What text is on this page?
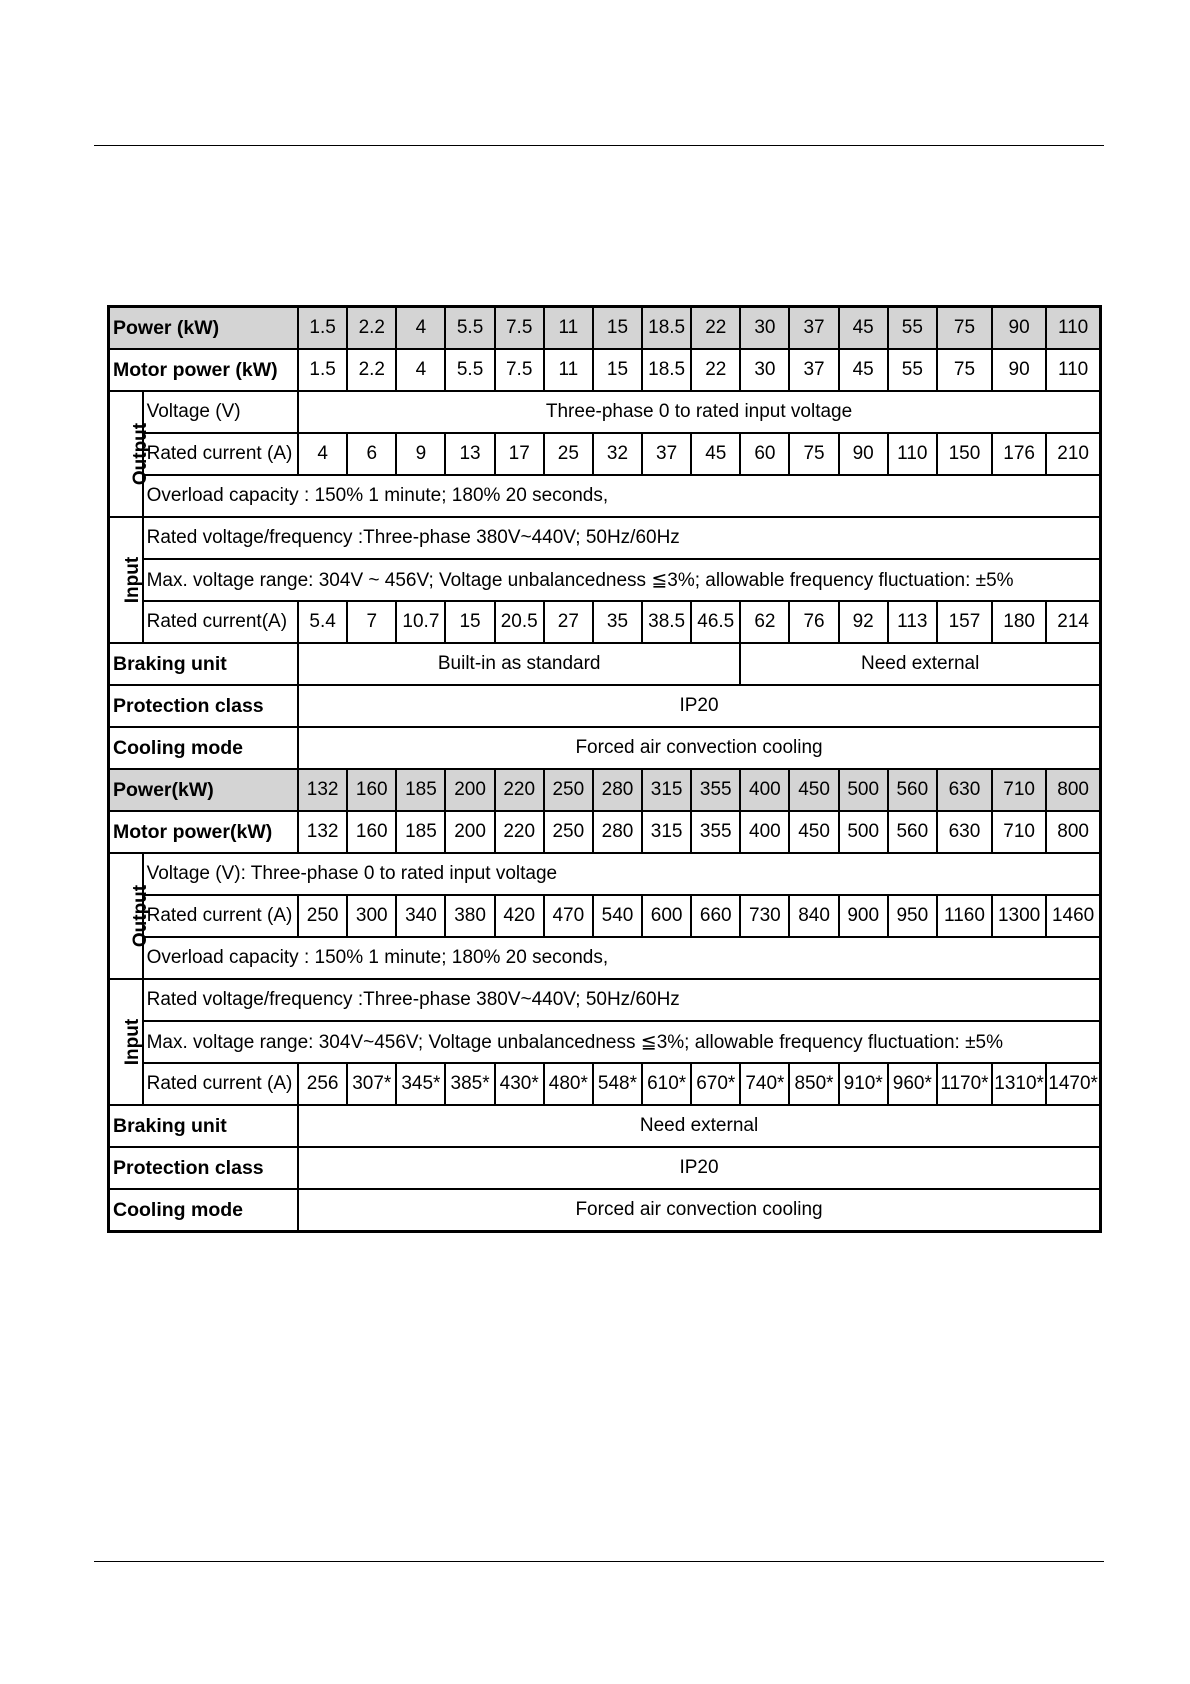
Power (kW)		1.5	2.2	4	5.5	7.5	11	15	18.5	22	30	37	45	55	75	90	110
Motor power (kW)		1.5	2.2	4	5.5	7.5	11	15	18.5	22	30	37	45	55	75	90	110
Output	Voltage (V)	Three-phase 0 to rated input voltage															
	Rated current (A)	4	6	9	13	17	25	32	37	45	60	75	90	110	150	176	210
	Overload capacity : 150% 1 minute; 180% 20 seconds,																
Input	Rated voltage/frequency :Three-phase 380V~440V; 50Hz/60Hz																
	Max. voltage range: 304V ~ 456V; Voltage unbalancedness ≦3%; allowable frequency fluctuation: ±5%																
	Rated current(A)	5.4	7	10.7	15	20.5	27	35	38.5	46.5	62	76	92	113	157	180	214
Braking unit		Built-in as standard									Need external						
Protection class		IP20															
Cooling mode		Forced air convection cooling															
Power(kW)		132	160	185	200	220	250	280	315	355	400	450	500	560	630	710	800
Motor power(kW)		132	160	185	200	220	250	280	315	355	400	450	500	560	630	710	800
Output	Voltage (V): Three-phase 0 to rated input voltage																
	Rated current (A)	250	300	340	380	420	470	540	600	660	730	840	900	950	1160	1300	1460
	Overload capacity : 150% 1 minute; 180% 20 seconds,																
Input	Rated voltage/frequency :Three-phase 380V~440V; 50Hz/60Hz																
	Max. voltage range: 304V~456V; Voltage unbalancedness ≦3%; allowable frequency fluctuation: ±5%																
	Rated current (A)	256	307*	345*	385*	430*	480*	548*	610*	670*	740*	850*	910*	960*	1170*	1310*	1470*
Braking unit		Need external															
Protection class		IP20															
Cooling mode		Forced air convection cooling															
